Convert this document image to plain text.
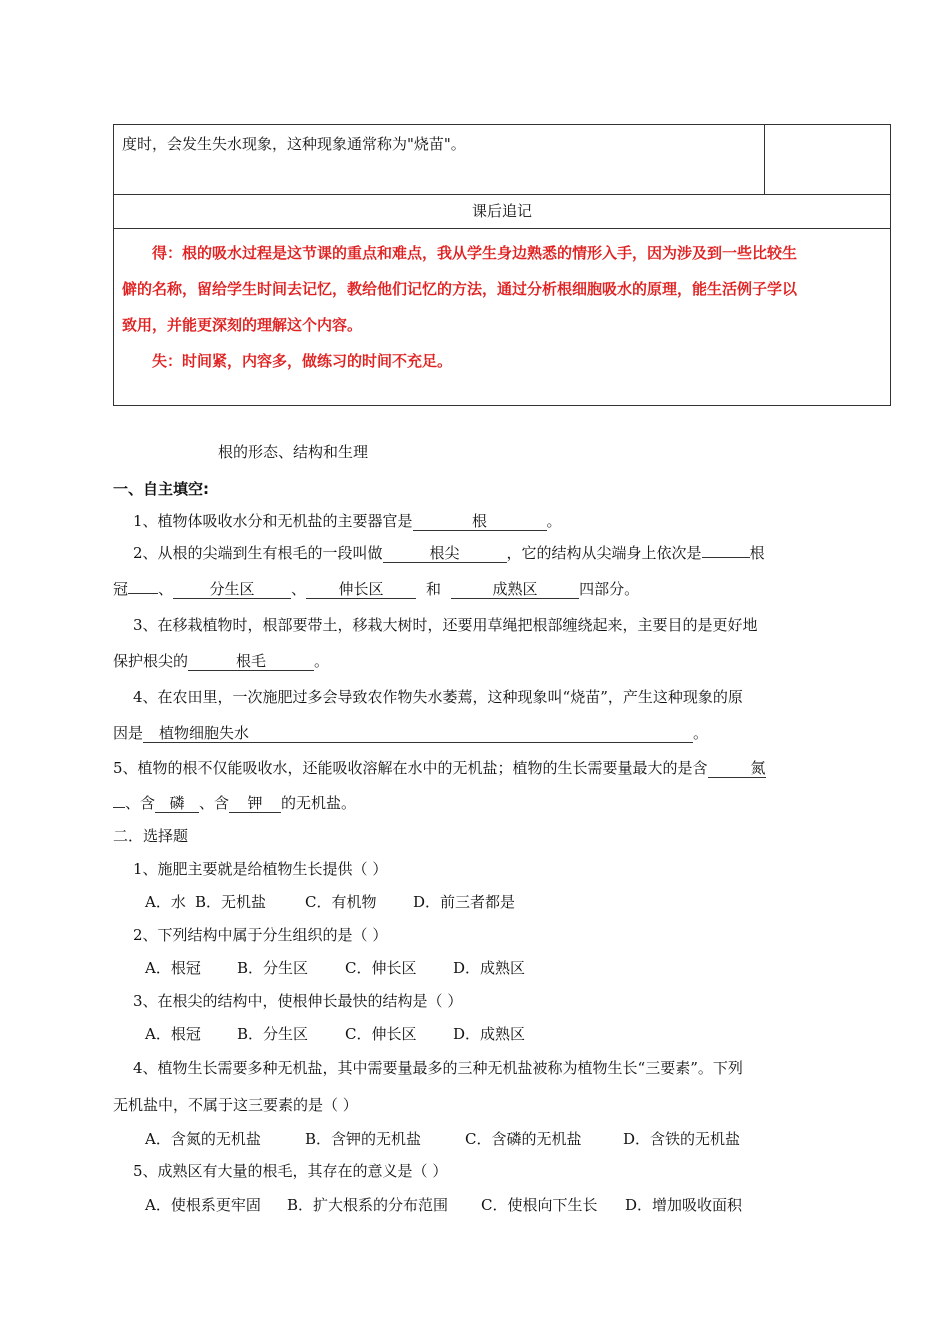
度时，会发生失水现象，这种现象通常称为"烧苗"。
课后追记
得：根的吸水过程是这节课的重点和难点，我从学生身边熟悉的情形入手，因为涉及到一些比较生
僻的名称，留给学生时间去记忆，教给他们记忆的方法，通过分析根细胞吸水的原理，能生活例子学以
致用，并能更深刻的理解这个内容。
失：时间紧，内容多，做练习的时间不充足。
根的形态、结构和生理
一、自主填空:
1、植物体吸收水分和无机盐的主要器官是	根	。
2、从根的尖端到生有根毛的一段叫做	根尖	，它的结构从尖端身上依次是	根
冠 、 分生区 、 伸长区	和	成熟区	四部分。
3、在移栽植物时，根部要带土，移栽大树时，还要用草绳把根部缠绕起来，主要目的是更好地
保护根尖的	根毛	。
4、在农田里，一次施肥过多会导致农作物失水萎蔫，这种现象叫“烧苗”，产生这种现象的原
因是 植物细胞失水	。
5、植物的根不仅能吸收水，还能吸收溶解在水中的无机盐；植物的生长需要量最大的是含	氮
、含 磷 、含 钾 的无机盐。
二．选择题
1、施肥主要就是给植物生长提供（ ）
A．水 B．无机盐	C．有机物 D．前三者都是
2、下列结构中属于分生组织的是（ ）
A．根冠 B．分生区 C．伸长区 D．成熟区
3、在根尖的结构中，使根伸长最快的结构是（ ）
A．根冠 B．分生区 C．伸长区 D．成熟区
4、植物生长需要多种无机盐，其中需要量最多的三种无机盐被称为植物生长“三要素”。下列
无机盐中，不属于这三要素的是（ ）
A．含氮的无机盐	B．含钾的无机盐	C．含磷的无机盐	D．含铁的无机盐
5、成熟区有大量的根毛，其存在的意义是（ ）
A．使根系更牢固 B．扩大根系的分布范围 C．使根向下生长 D．增加吸收面积
